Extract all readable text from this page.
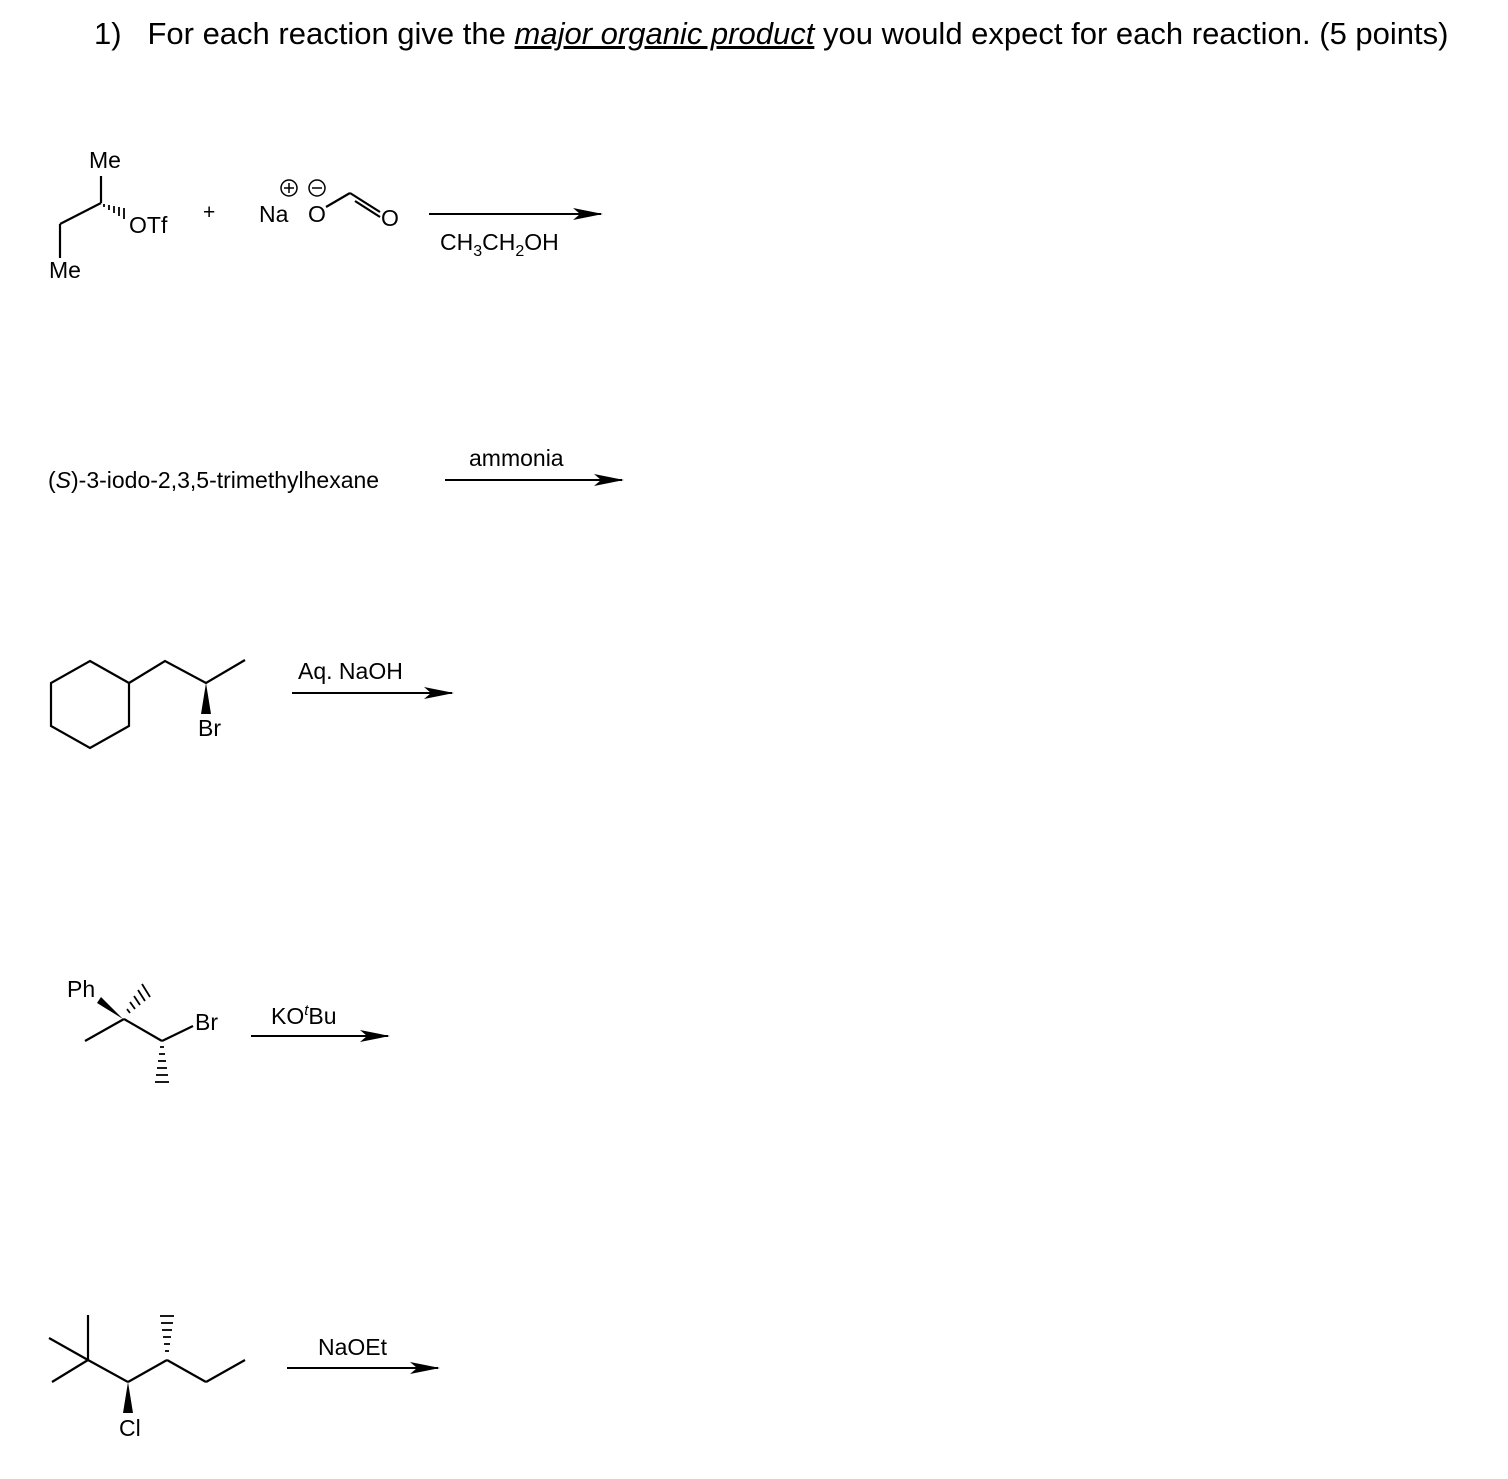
1) For each reaction give the major organic product you would expect for each reaction. (5 points)
Me
Me
OTf + Na O O
$CH_3CH_2OH$
(S)-3-iodo-2,3,5-trimethylhexane
ammonia
Br
Aq. NaOH
Ph
Br $KO^tBu$
Cl
NaOEt
